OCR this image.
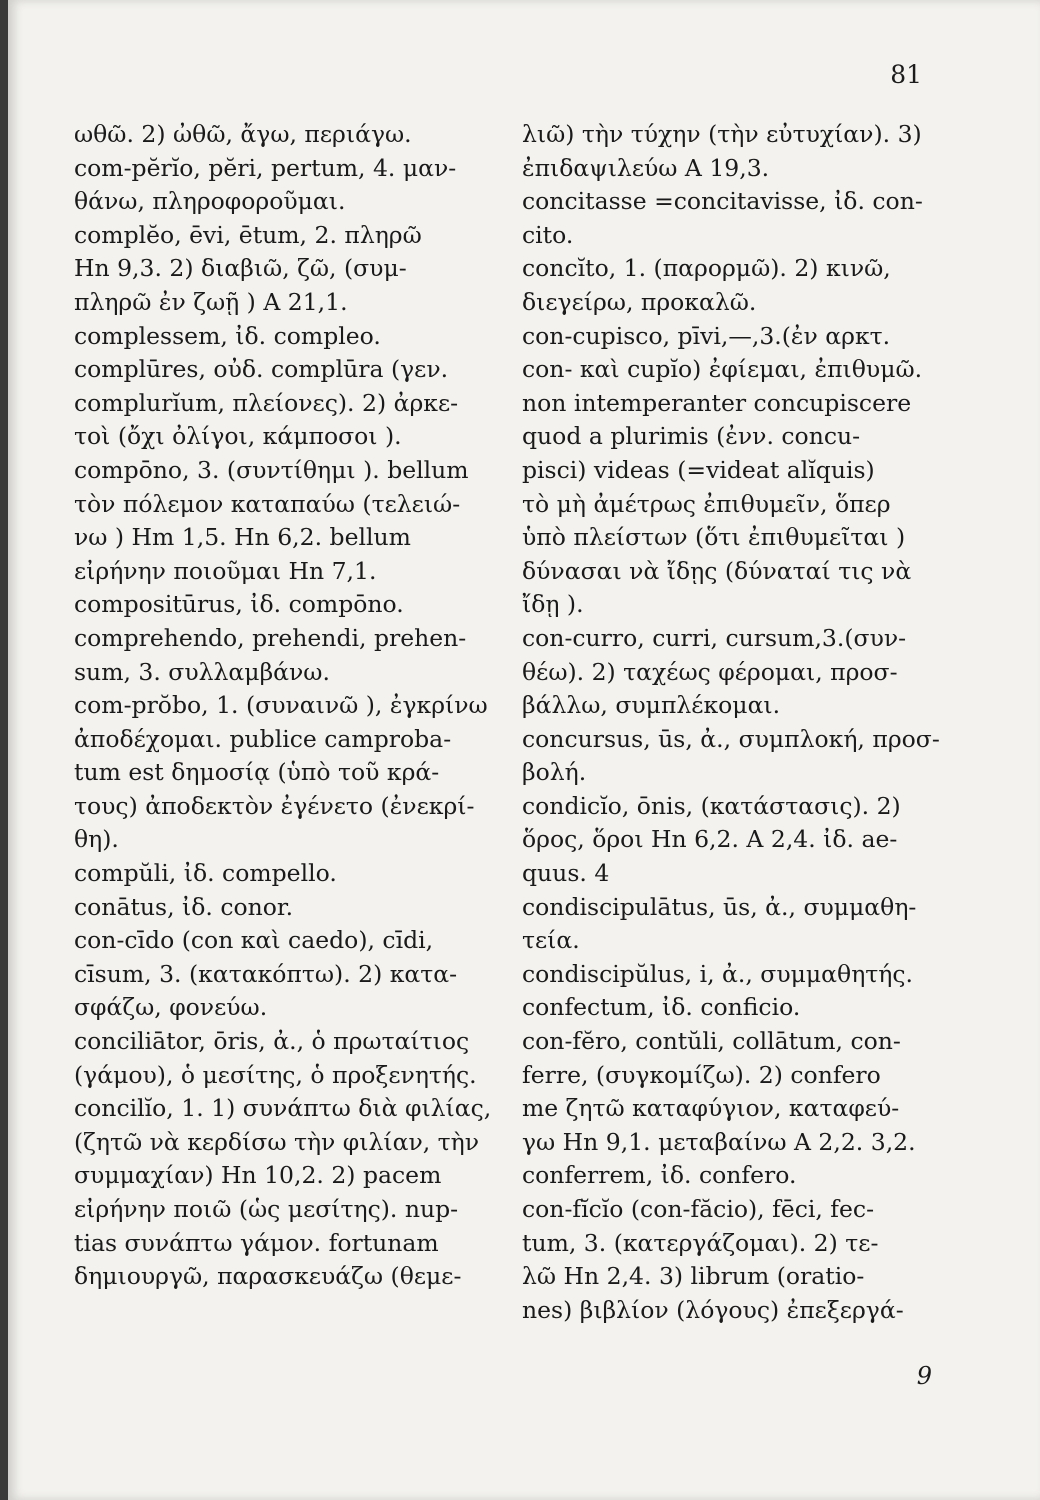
81

ωθῶ. 2) ὠθῶ, ἄγω, περιάγω.
com-pĕrĭo, pĕri, pertum, 4. μαν-
θάνω, πληροφοροῦμαι.
complĕo, ēvi, ētum, 2. πληρῶ
Hn 9,3. 2) διαβιῶ, ζῶ, (συμ-
πληρῶ ἐν ζωῇ ) A 21,1.
complessem, ἰδ. compleo.
complūres, οὐδ. complūra (γεν.
complurĭum, πλείονες). 2) ἀρκε-
τοὶ (ὄχι ὀλίγοι, κάμποσοι ).
compōno, 3. (συντίθημι ). bellum
τὸν πόλεμον καταπαύω (τελειώ-
νω ) Hm 1,5. Hn 6,2. bellum
εἰρήνην ποιοῦμαι Hn 7,1.
compositūrus, ἰδ. compōno.
comprehendo, prehendi, prehen-
sum, 3. συλλαμβάνω.
com-prŏbo, 1. (συναινῶ ), ἐγκρίνω
ἀποδέχομαι. publice camproba-
tum est δημοσίᾳ (ὑπὸ τοῦ κρά-
τους) ἀποδεκτὸν ἐγένετο (ἐνεκρί-
θη).
compŭli, ἰδ. compello.
conātus, ἰδ. conor.
con-cīdo (con καὶ caedo), cīdi,
cīsum, 3. (κατακόπτω). 2) κατα-
σφάζω, φονεύω.
conciliātor, ōris, ἀ., ὁ πρωταίτιος
(γάμου), ὁ μεσίτης, ὁ προξενητής.
concilĭo, 1. 1) συνάπτω διὰ φιλίας,
(ζητῶ νὰ κερδίσω τὴν φιλίαν, τὴν
συμμαχίαν) Hn 10,2. 2) pacem
εἰρήνην ποιῶ (ὡς μεσίτης). nup-
tias συνάπτω γάμον. fortunam
δημιουργῶ, παρασκευάζω (θεμε-
λιῶ) τὴν τύχην (τὴν εὐτυχίαν). 3)
ἐπιδαψιλεύω A 19,3.
concitasse =concitavisse, ἰδ. con-
cito.
concĭto, 1. (παρορμῶ). 2) κινῶ,
διεγείρω, προκαλῶ.
con-cupisco, pīvi,—,3.(ἐν αρκτ.
con- καὶ cupĭo) ἐφίεμαι, ἐπιθυμῶ.
non intemperanter concupiscere
quod a plurimis (ἐνν. concu-
pisci) videas (=videat alĭquis)
τὸ μὴ ἀμέτρως ἐπιθυμεῖν, ὅπερ
ὑπὸ πλείστων (ὅτι ἐπιθυμεῖται )
δύνασαι νὰ ἴδῃς (δύναταί τις νὰ
ἴδῃ ).
con-curro, curri, cursum,3.(συν-
θέω). 2) ταχέως φέρομαι, προσ-
βάλλω, συμπλέκομαι.
concursus, ūs, ἀ., συμπλοκή, προσ-
βολή.
condicĭo, ōnis, (κατάστασις). 2)
ὅρος, ὅροι Hn 6,2. A 2,4. ἰδ. ae-
quus. 4
condiscipulātus, ūs, ἀ., συμμαθη-
τεία.
condiscipŭlus, i, ἀ., συμμαθητής.
confectum, ἰδ. conficio.
con-fĕro, contŭli, collātum, con-
ferre, (συγκομίζω). 2) confero
me ζητῶ καταφύγιον, καταφεύ-
γω Hn 9,1. μεταβαίνω A 2,2. 3,2.
conferrem, ἰδ. confero.
con-fĭcĭo (con-făcio), fēci, fec-
tum, 3. (κατεργάζομαι). 2) τε-
λῶ Hn 2,4. 3) librum (oratio-
nes) βιβλίον (λόγους) ἐπεξεργά-

9
